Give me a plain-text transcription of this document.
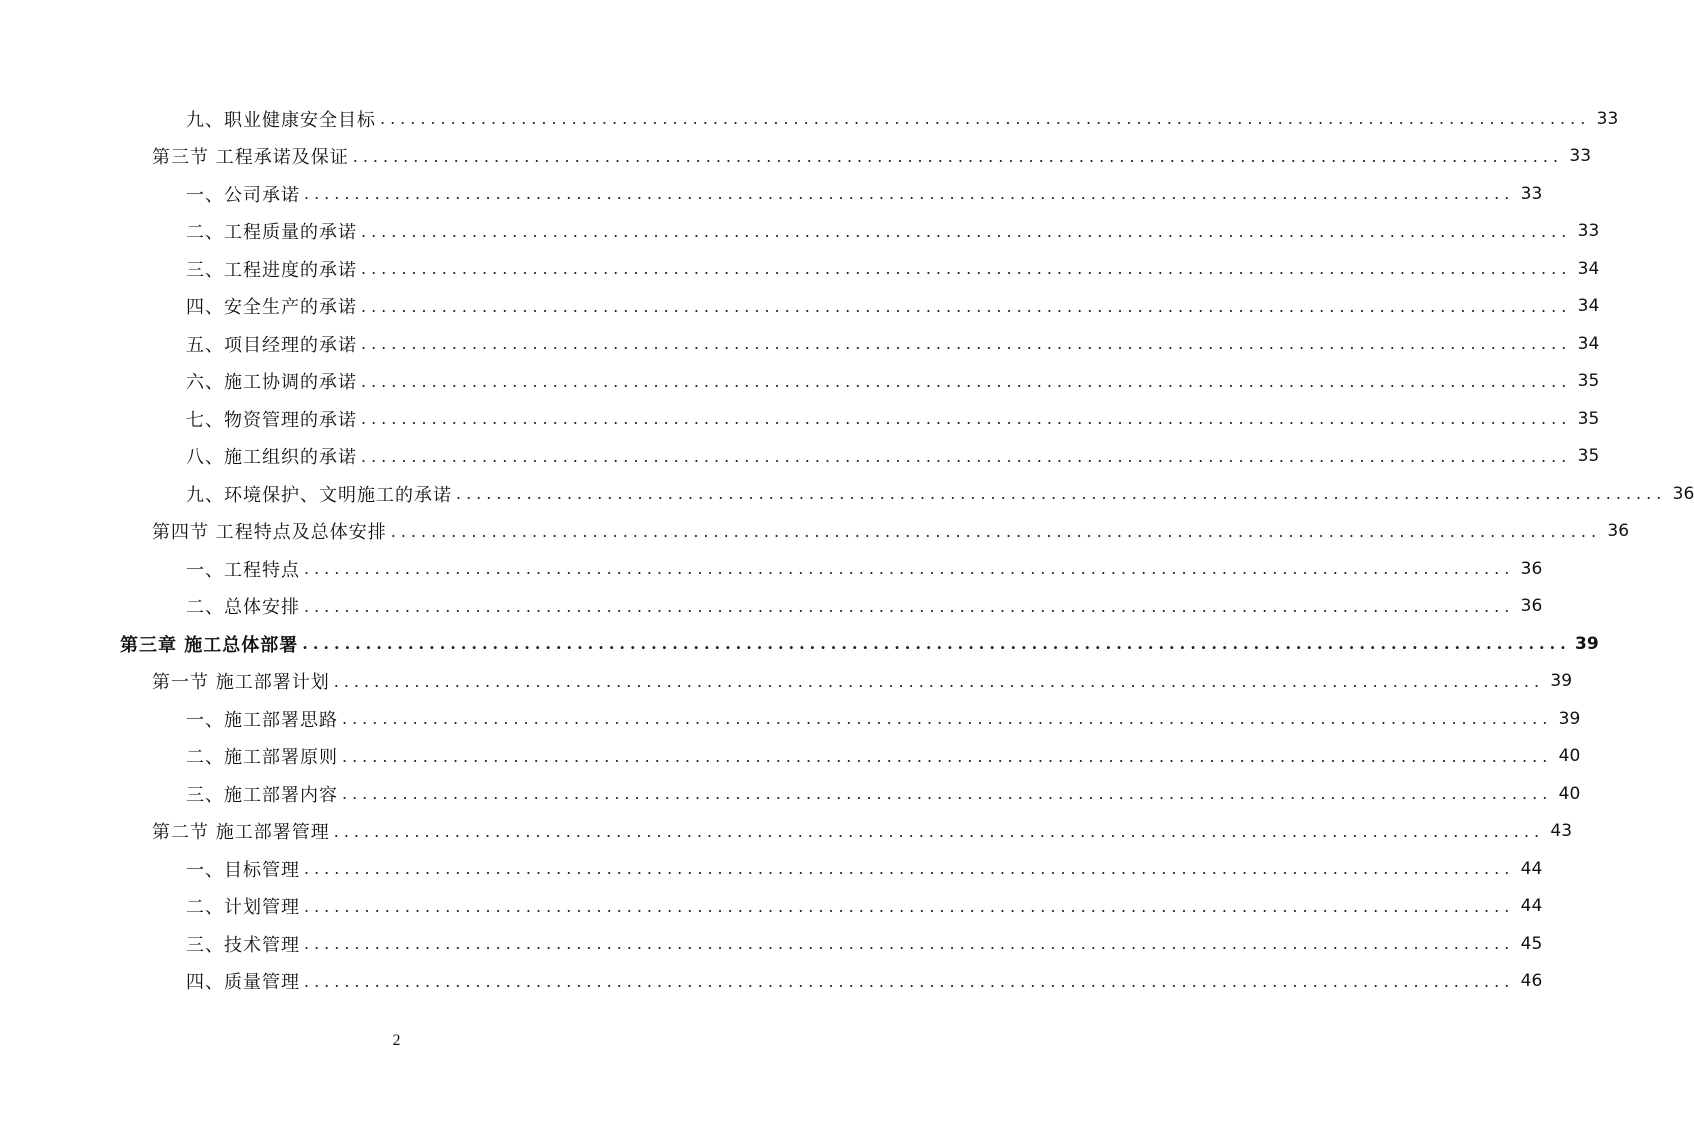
九、职业健康安全目标 ........................................................................................................................ 33
第三节 工程承诺及保证 ........................................................................................................................ 33
一、公司承诺 ........................................................................................................................ 33
二、工程质量的承诺 ........................................................................................................................ 33
三、工程进度的承诺 ........................................................................................................................ 34
四、安全生产的承诺 ........................................................................................................................ 34
五、项目经理的承诺 ........................................................................................................................ 34
六、施工协调的承诺 ........................................................................................................................ 35
七、物资管理的承诺 ........................................................................................................................ 35
八、施工组织的承诺 ........................................................................................................................ 35
九、环境保护、文明施工的承诺 ........................................................................................................................ 36
第四节 工程特点及总体安排 ........................................................................................................................ 36
一、工程特点 ........................................................................................................................ 36
二、总体安排 ........................................................................................................................ 36
第三章 施工总体部署 ........................................................................................................................ 39
第一节 施工部署计划 ........................................................................................................................ 39
一、施工部署思路 ........................................................................................................................ 39
二、施工部署原则 ........................................................................................................................ 40
三、施工部署内容 ........................................................................................................................ 40
第二节 施工部署管理 ........................................................................................................................ 43
一、目标管理 ........................................................................................................................ 44
二、计划管理 ........................................................................................................................ 44
三、技术管理 ........................................................................................................................ 45
四、质量管理 ........................................................................................................................ 46
2
